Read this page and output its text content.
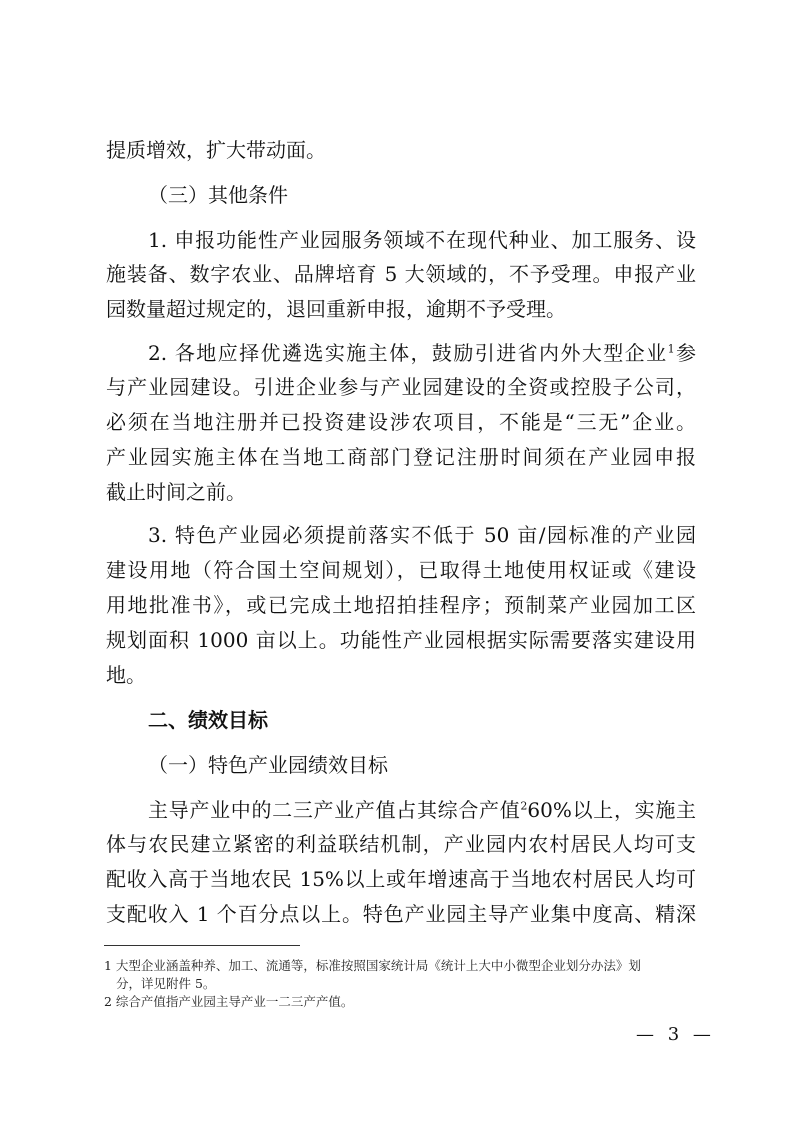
提质增效，扩大带动面。
（三）其他条件
1. 申报功能性产业园服务领域不在现代种业、加工服务、设
施装备、数字农业、品牌培育 5 大领域的，不予受理。申报产业
园数量超过规定的，退回重新申报，逾期不予受理。
2. 各地应择优遴选实施主体，鼓励引进省内外大型企业$^1$参
与产业园建设。引进企业参与产业园建设的全资或控股子公司，
必须在当地注册并已投资建设涉农项目，不能是“三无”企业。
产业园实施主体在当地工商部门登记注册时间须在产业园申报
截止时间之前。
3. 特色产业园必须提前落实不低于 50 亩/园标准的产业园
建设用地（符合国土空间规划），已取得土地使用权证或《建设
用地批准书》，或已完成土地招拍挂程序；预制菜产业园加工区
规划面积 1000 亩以上。功能性产业园根据实际需要落实建设用
地。
二、绩效目标
（一）特色产业园绩效目标
主导产业中的二三产业产值占其综合产值$^2$60%以上，实施主
体与农民建立紧密的利益联结机制，产业园内农村居民人均可支
配收入高于当地农民 15%以上或年增速高于当地农村居民人均可
支配收入 1 个百分点以上。特色产业园主导产业集中度高、精深
1 大型企业涵盖种养、加工、流通等，标准按照国家统计局《统计上大中小微型企业划分办法》划
分，详见附件 5。
2 综合产值指产业园主导产业一二三产产值。
— 3 —
